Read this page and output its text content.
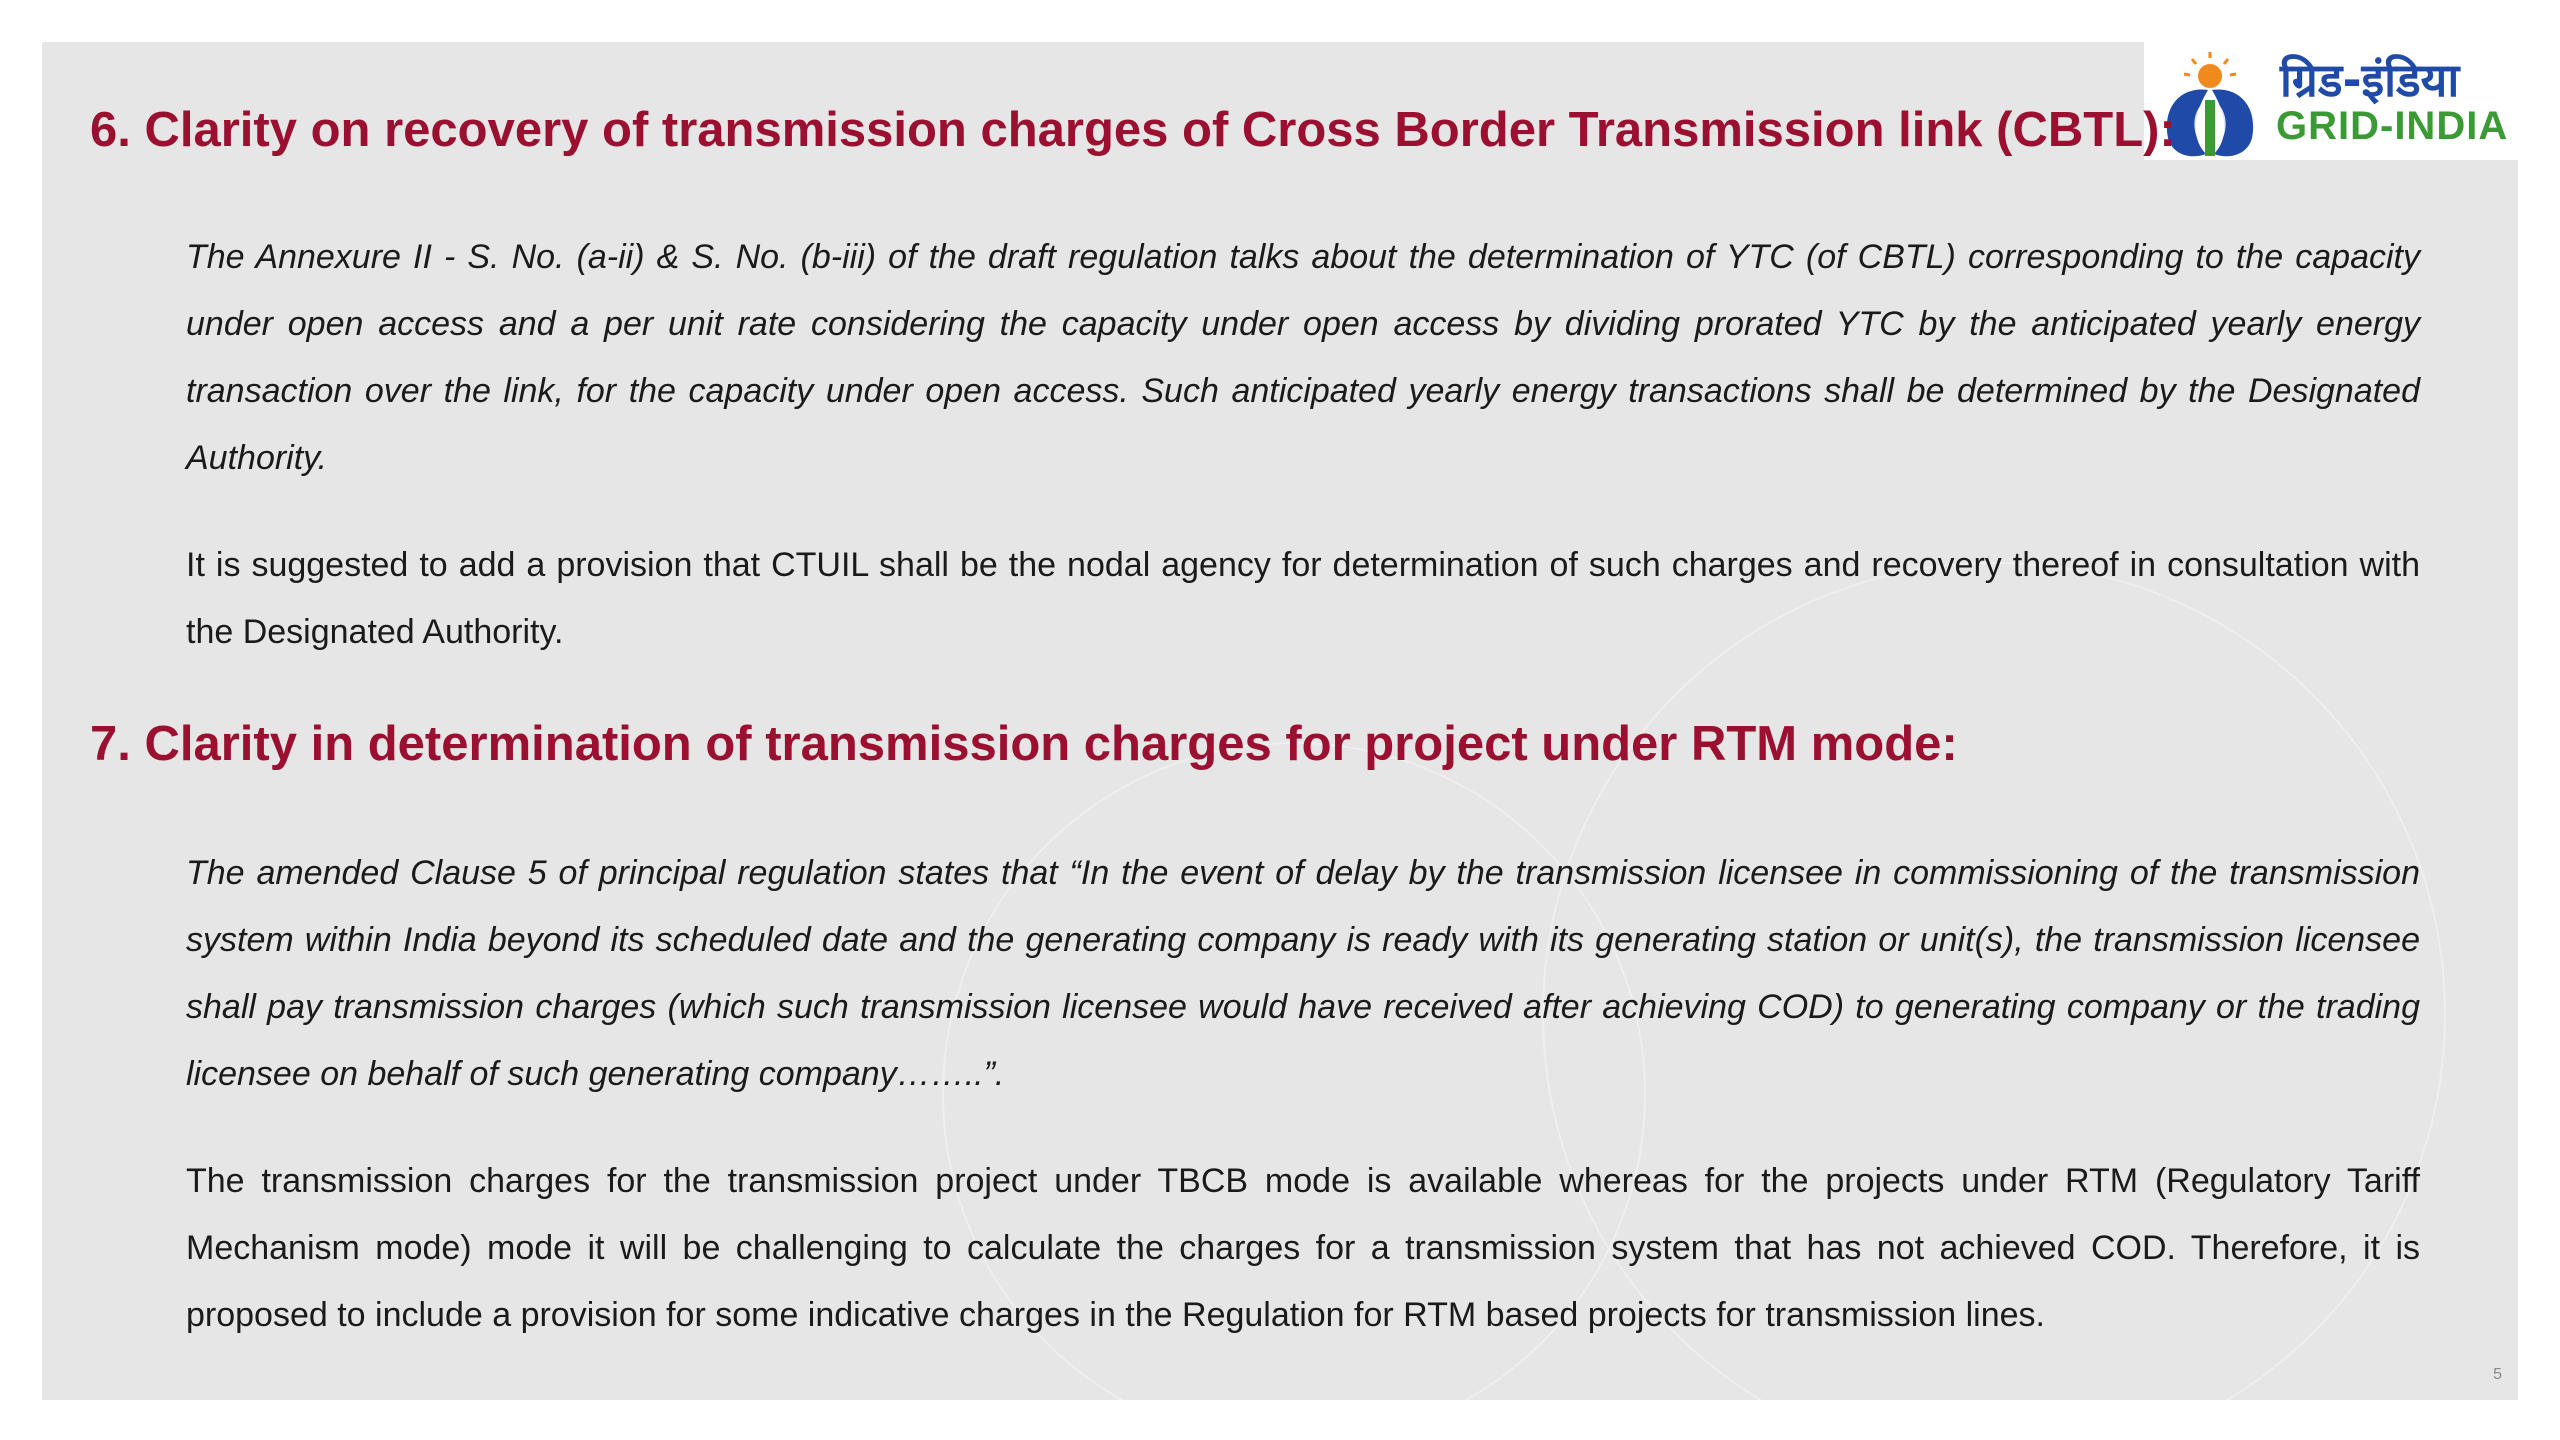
ग्रिड-इंडिया
GRID-INDIA
6. Clarity on recovery of transmission charges of Cross Border Transmission link (CBTL):
The Annexure II - S. No. (a-ii) & S. No. (b-iii) of the draft regulation talks about the determination of YTC (of CBTL) corresponding to the capacity under open access and a per unit rate considering the capacity under open access by dividing prorated YTC by the anticipated yearly energy transaction over the link, for the capacity under open access. Such anticipated yearly energy transactions shall be determined by the Designated Authority.
It is suggested to add a provision that CTUIL shall be the nodal agency for determination of such charges and recovery thereof in consultation with the Designated Authority.
7. Clarity in determination of transmission charges for project under RTM mode:
The amended Clause 5 of principal regulation states that “In the event of delay by the transmission licensee in commissioning of the transmission system within India beyond its scheduled date and the generating company is ready with its generating station or unit(s), the transmission licensee shall pay transmission charges (which such transmission licensee would have received after achieving COD) to generating company or the trading licensee on behalf of such generating company……..”.
The transmission charges for the transmission project under TBCB mode is available whereas for the projects under RTM (Regulatory Tariff Mechanism mode) mode it will be challenging to calculate the charges for a transmission system that has not achieved COD. Therefore, it is proposed to include a provision for some indicative charges in the Regulation for RTM based projects for transmission lines.
5
